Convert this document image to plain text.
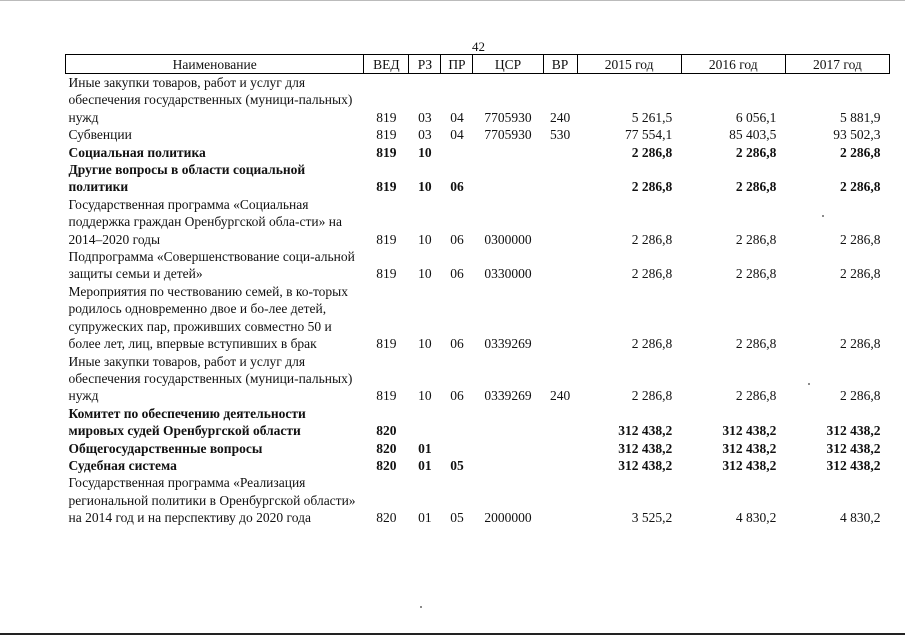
42
Наименование	ВЕД	РЗ	ПР	ЦСР	ВР	2015 год	2016 год	2017 год
Иные закупки товаров, работ и услуг для обеспечения государственных (муници-пальных) нужд	819	03	04	7705930	240	5 261,5	6 056,1	5 881,9
Субвенции	819	03	04	7705930	530	77 554,1	85 403,5	93 502,3
Социальная политика	819	10				2 286,8	2 286,8	2 286,8
Другие вопросы в области социальной политики	819	10	06			2 286,8	2 286,8	2 286,8
Государственная программа «Социальная поддержка граждан Оренбургской обла-сти» на 2014–2020 годы	819	10	06	0300000		2 286,8	2 286,8	2 286,8
Подпрограмма «Совершенствование соци-альной защиты семьи и детей»	819	10	06	0330000		2 286,8	2 286,8	2 286,8
Мероприятия по чествованию семей, в ко-торых родилось одновременно двое и бо-лее детей, супружеских пар, проживших совместно 50 и более лет, лиц, впервые вступивших в брак	819	10	06	0339269		2 286,8	2 286,8	2 286,8
Иные закупки товаров, работ и услуг для обеспечения государственных (муници-пальных) нужд	819	10	06	0339269	240	2 286,8	2 286,8	2 286,8
Комитет по обеспечению деятельности мировых судей Оренбургской области	820					312 438,2	312 438,2	312 438,2
Общегосударственные вопросы	820	01				312 438,2	312 438,2	312 438,2
Судебная система	820	01	05			312 438,2	312 438,2	312 438,2
Государственная программа «Реализация региональной политики в Оренбургской области» на 2014 год и на перспективу до 2020 года	820	01	05	2000000		3 525,2	4 830,2	4 830,2
